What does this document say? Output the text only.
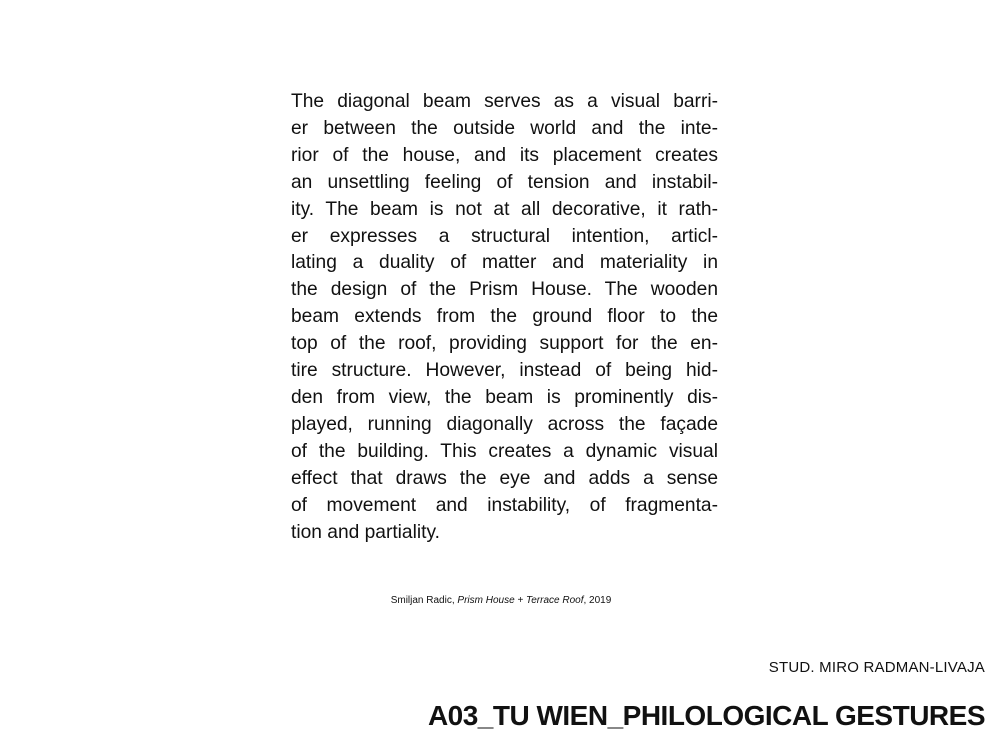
The diagonal beam serves as a visual barri-
er between the outside world and the inte-
rior of the house, and its placement creates
an unsettling feeling of tension and instabil-
ity. The beam is not at all decorative, it rath-
er expresses a structural intention, articl-
lating a duality of matter and materiality in
the design of the Prism House. The wooden
beam extends from the ground floor to the
top of the roof, providing support for the en-
tire structure. However, instead of being hid-
den from view, the beam is prominently dis-
played, running diagonally across the façade
of the building. This creates a dynamic visual
effect that draws the eye and adds a sense
of movement and instability, of fragmenta-
tion and partiality.
Smiljan Radic, Prism House + Terrace Roof, 2019
STUD. MIRO RADMAN-LIVAJA
A03_TU WIEN_PHILOLOGICAL GESTURES
